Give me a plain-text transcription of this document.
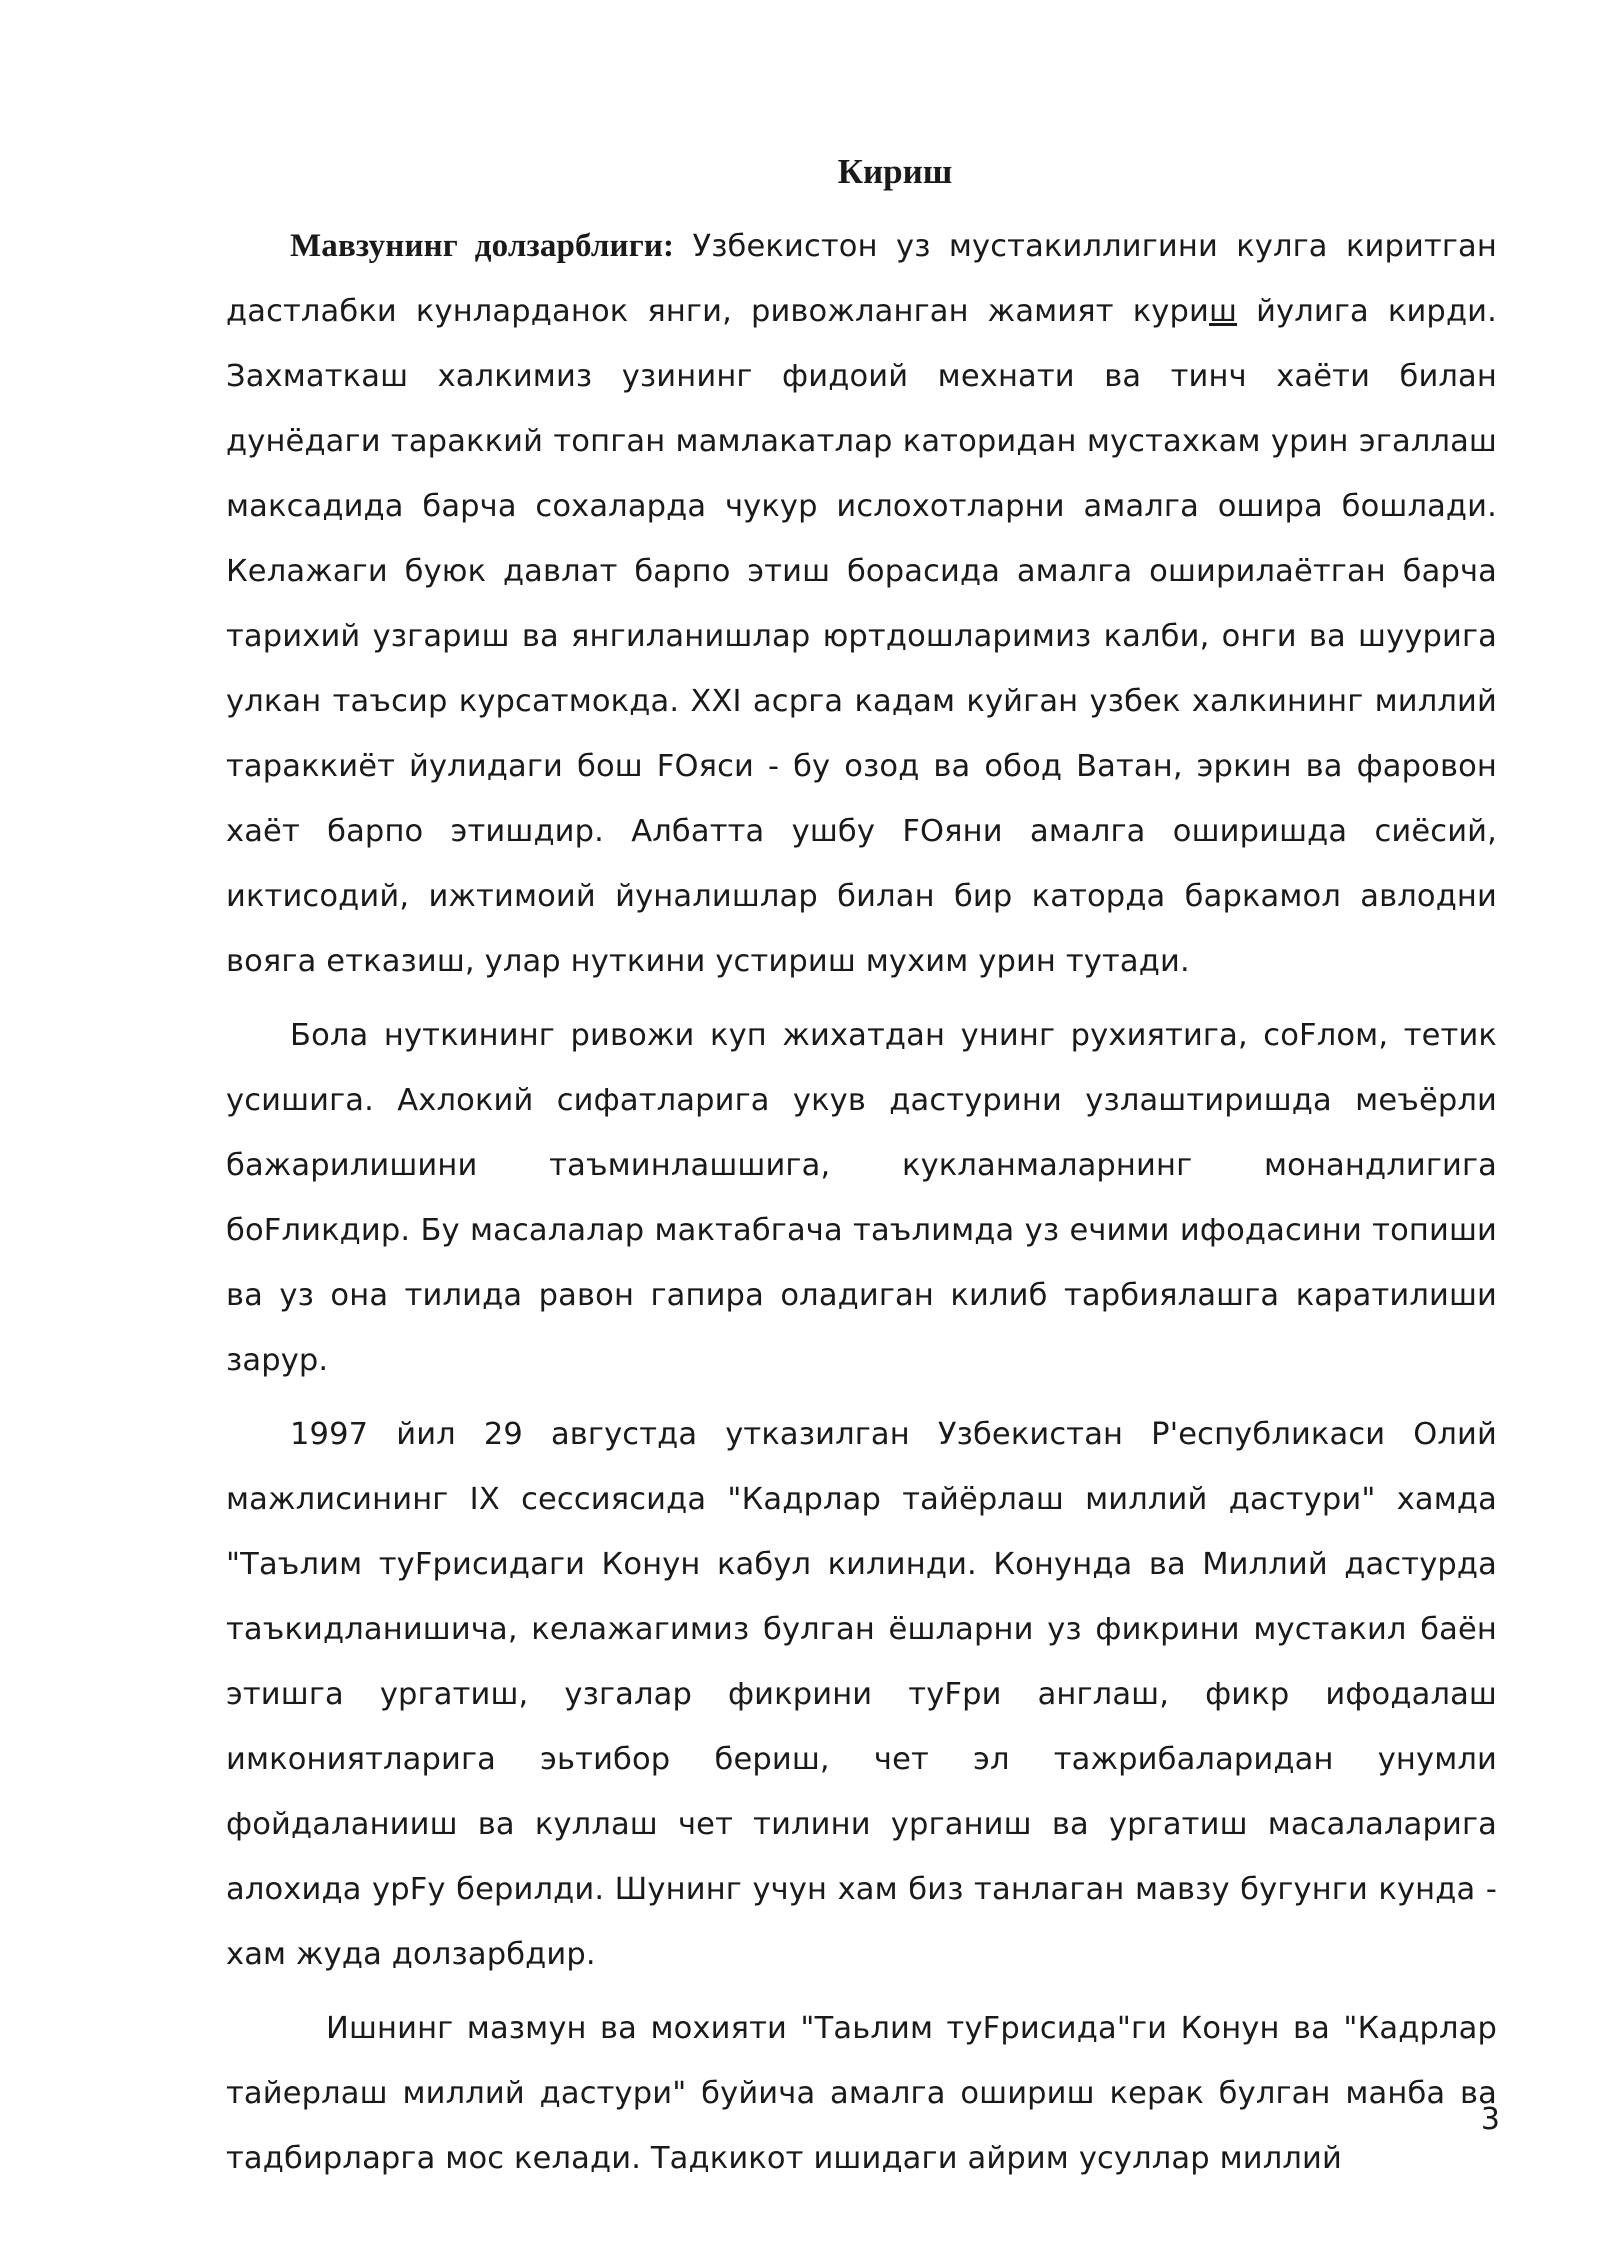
Кириш

Мавзунинг долзарблиги: Узбекистон уз мустакиллигини кулга киритган дастлабки кунларданок янги, ривожланган жамият куриш йулига кирди. Захматкаш халкимиз узининг фидоий мехнати ва тинч хаёти билан дунёдаги тараккий топган мамлакатлар каторидан мустахкам урин эгаллаш максадида барча сохаларда чукур ислохотларни амалга ошира бошлади. Келажаги буюк давлат барпо этиш борасида амалга оширилаётган барча тарихий узгариш ва янгиланишлар юртдошларимиз калби, онги ва шуурига улкан таъсир курсатмокда. XXI асрга кадам куйган узбек халкининг миллий тараккиёт йулидаги бош FОяси - бу озод ва обод Ватан, эркин ва фаровон хаёт барпо этишдир. Албатта ушбу FОяни амалга оширишда сиёсий, иктисодий, ижтимоий йуналишлар билан бир каторда баркамол авлодни вояга етказиш, улар нуткини устириш мухим урин тутади.

Бола нуткининг ривожи куп жихатдан унинг рухиятига, coFлом, тетик усишига. Ахлокий сифатларига укув дастурини узлаштиришда меъёрли бажарилишини таъминлашшига, кукланмаларнинг монандлигига боFликдир. Бу масалалар мактабгача таълимда уз ечими ифодасини топиши ва уз она тилида равон гапира оладиган килиб тарбиялашга каратилиши зарур.

1997 йил 29 августда утказилган Узбекистан P'еспубликаси Олий мажлисининг IX сессиясида "Кадрлар тайёрлаш миллий дастури" хамда "Таълим туFрисидаги Конун кабул килинди. Конунда ва Миллий дастурда таъкидланишича, келажагимиз булган ёшларни уз фикрини мустакил баён этишга ургатиш, узгалар фикрини туFри англаш, фикр ифодалаш имкониятларига эьтибор бериш, чет эл тажрибаларидан унумли фойдаланииш ва куллаш чет тилини урганиш ва ургатиш масалаларига алохида урFу берилди. Шунинг учун хам биз танлаган мавзу бугунги кунда - хам жуда долзарбдир.

Ишнинг мазмун ва мохияти "Таьлим туFрисида"ги Конун ва "Кадрлар тайерлаш миллий дастури" буйича амалга ошириш керак булган манба ва тадбирларга мос келади. Тадкикот ишидаги айрим усуллар миллий

3
